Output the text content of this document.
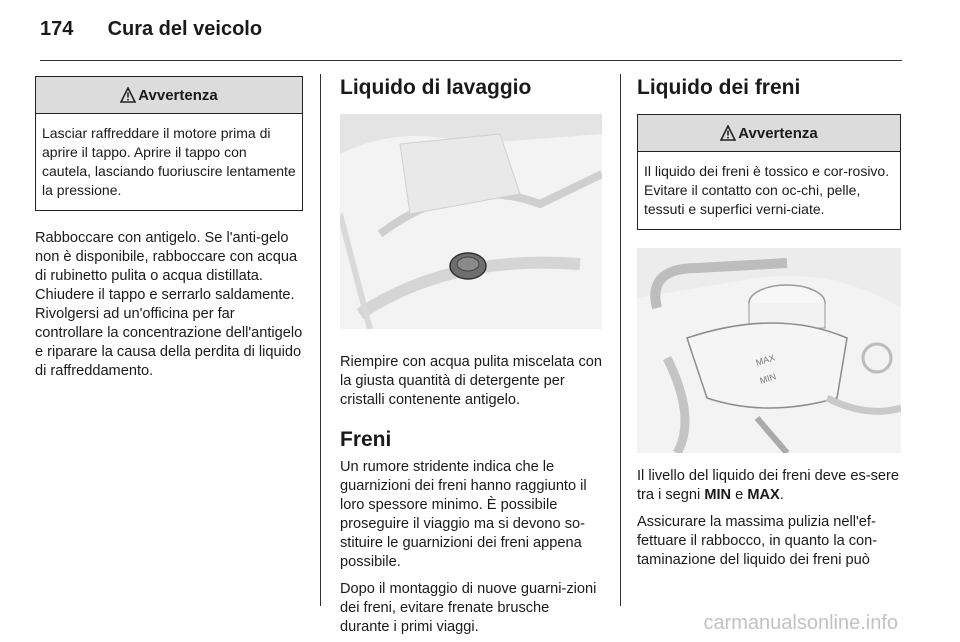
174 Cura del veicolo
Avvertenza
Lasciar raffreddare il motore prima di aprire il tappo. Aprire il tappo con cautela, lasciando fuoriuscire lentamente la pressione.

Rabboccare con antigelo. Se l'anti-gelo non è disponibile, rabboccare con acqua di rubinetto pulita o acqua distillata. Chiudere il tappo e serrarlo saldamente. Rivolgersi ad un'officina per far controllare la concentrazione dell'antigelo e riparare la causa della perdita di liquido di raffreddamento.

Liquido di lavaggio

Riempire con acqua pulita miscelata con la giusta quantità di detergente per cristalli contenente antigelo.

Freni

Un rumore stridente indica che le guarnizioni dei freni hanno raggiunto il loro spessore minimo. È possibile proseguire il viaggio ma si devono so-stituire le guarnizioni dei freni appena possibile.

Dopo il montaggio di nuove guarni-zioni dei freni, evitare frenate brusche durante i primi viaggi.

Liquido dei freni
Avvertenza
Il liquido dei freni è tossico e cor-rosivo. Evitare il contatto con oc-chi, pelle, tessuti e superfici verni-ciate.
MAX
MIN

Il livello del liquido dei freni deve es-sere tra i segni MIN e MAX.

Assicurare la massima pulizia nell'ef-fettuare il rabbocco, in quanto la con-taminazione del liquido dei freni può

carmanualsonline.info
